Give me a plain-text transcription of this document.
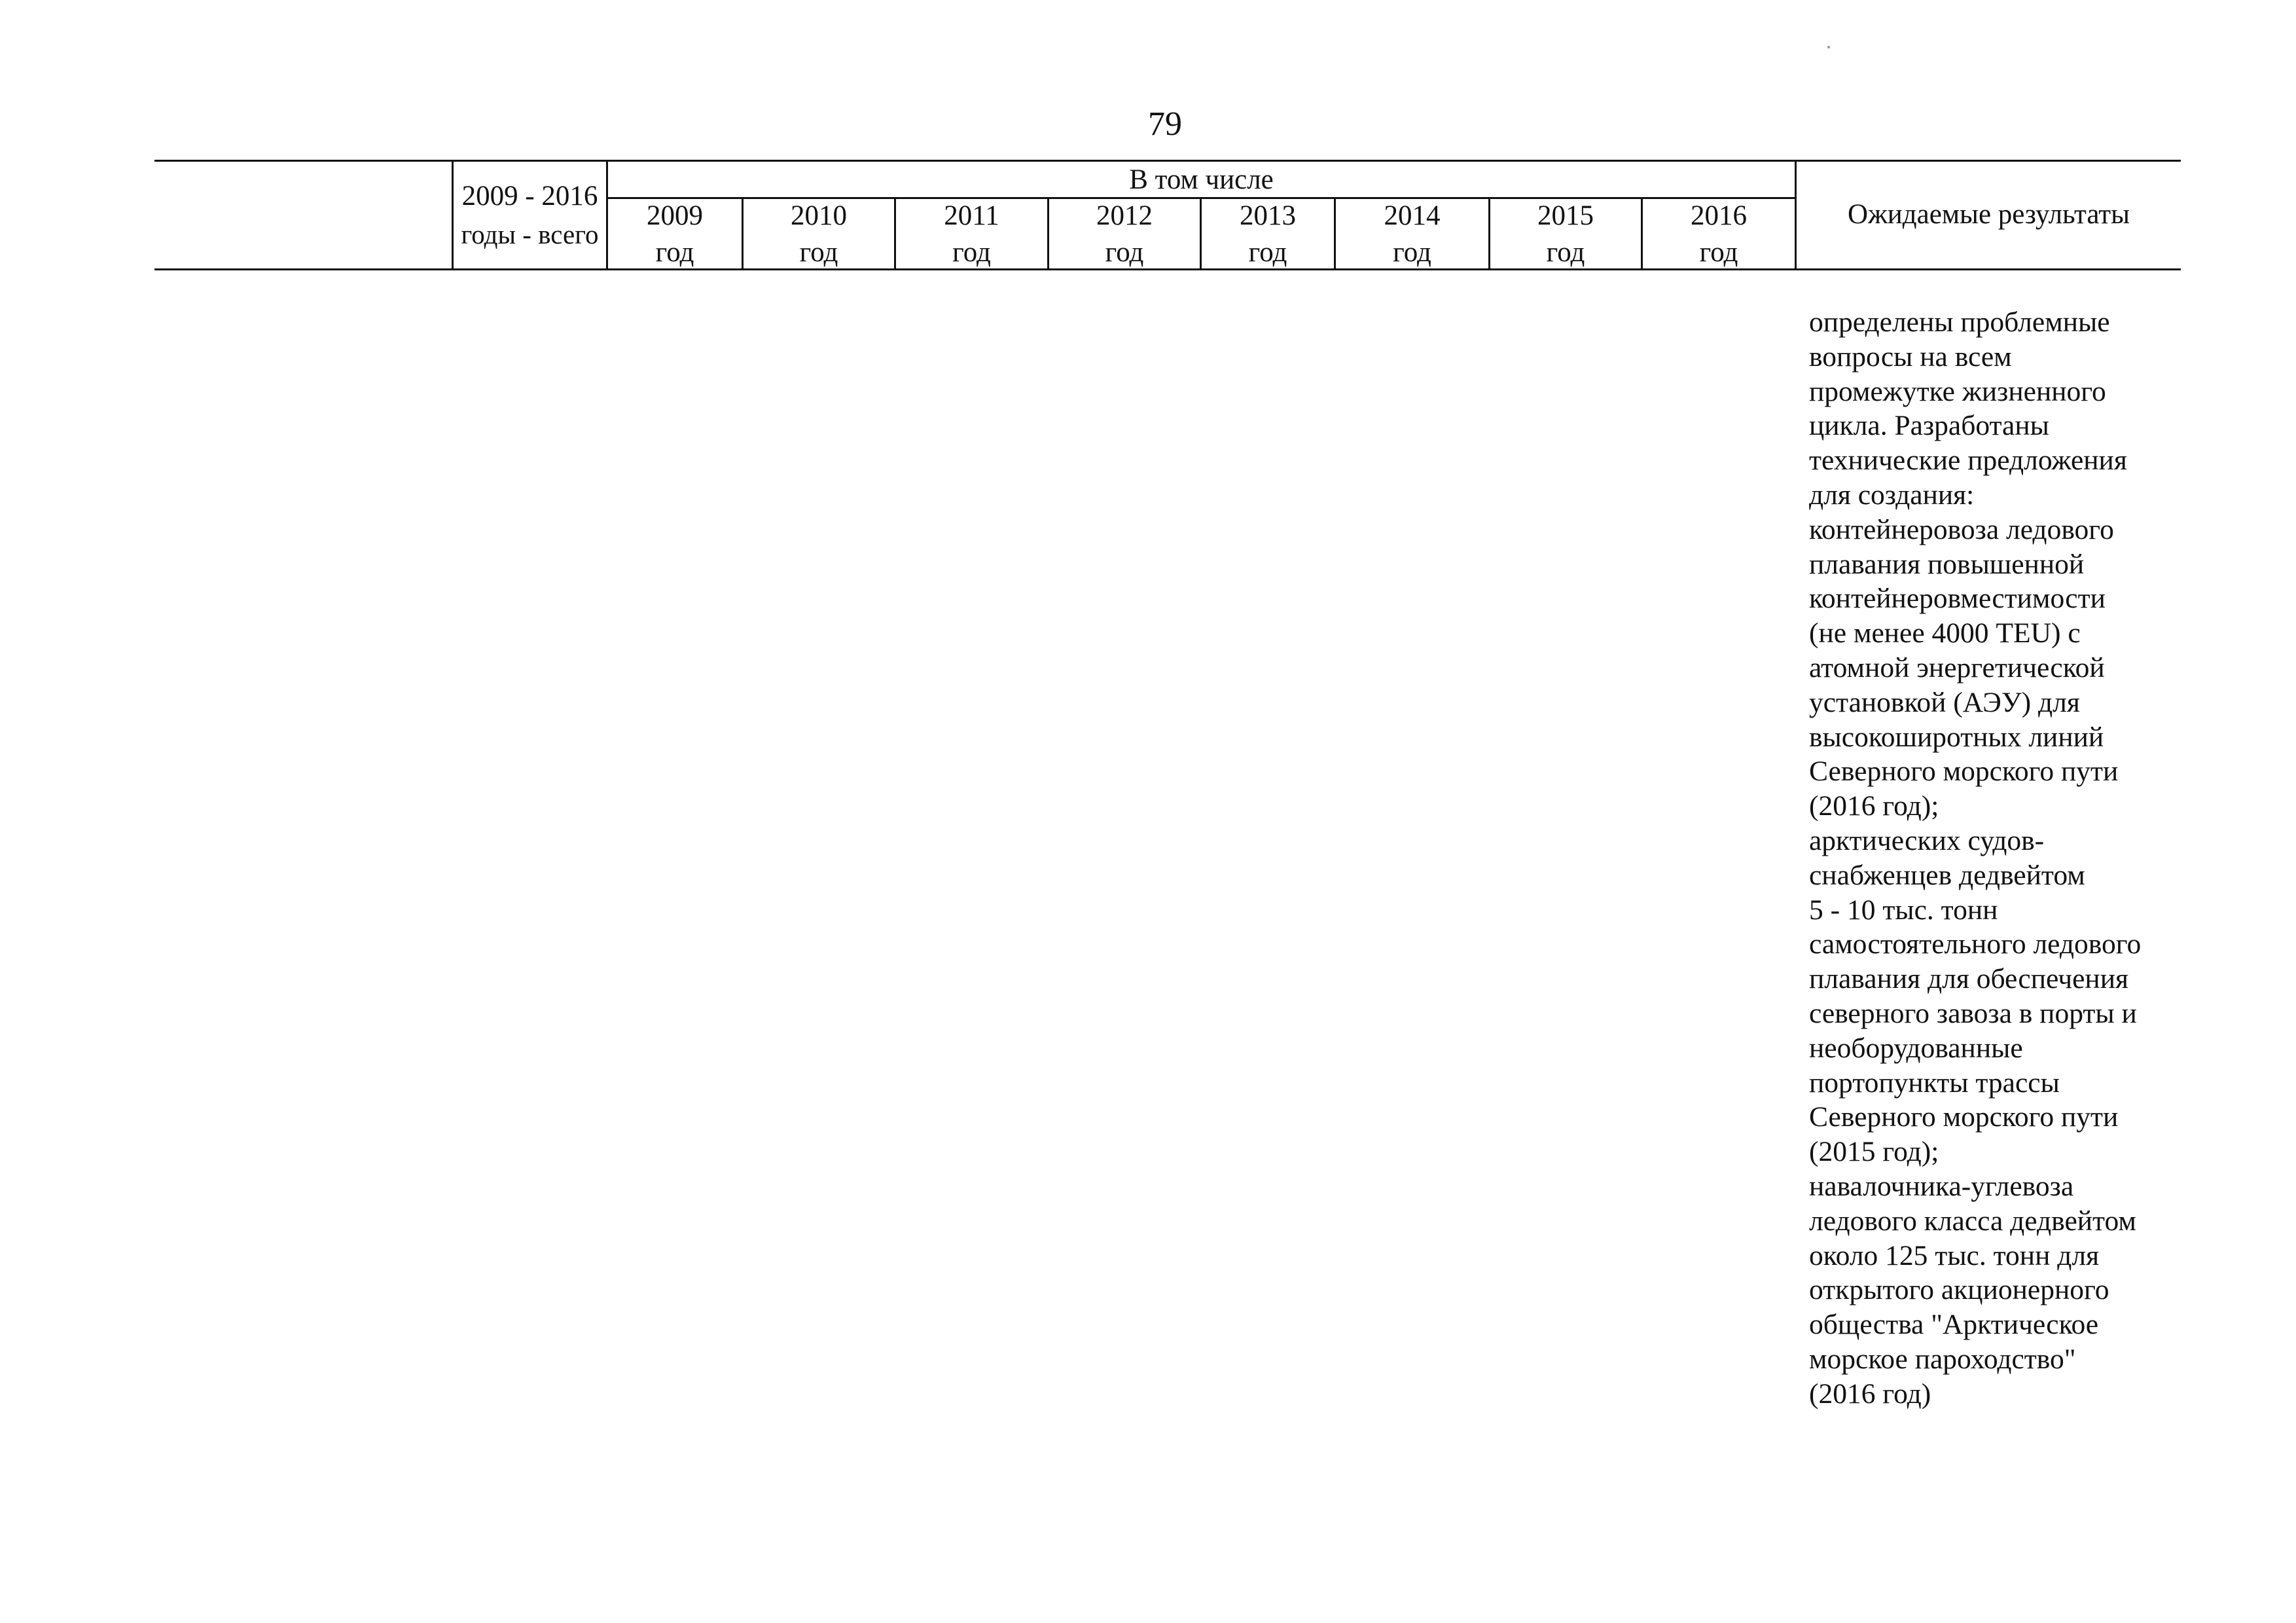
79
2009 - 2016
годы - всего
В том числе
2009
год
2010
год
2011
год
2012
год
2013
год
2014
год
2015
год
2016
год
Ожидаемые результаты
определены проблемные
вопросы на всем
промежутке жизненного
цикла. Разработаны
технические предложения
для создания:
контейнеровоза ледового
плавания повышенной
контейнеровместимости
(не менее 4000 TEU) с
атомной энергетической
установкой (АЭУ) для
высокоширотных линий
Северного морского пути
(2016 год);
арктических судов-
снабженцев дедвейтом
5 - 10 тыс. тонн
самостоятельного ледового
плавания для обеспечения
северного завоза в порты и
необорудованные
портопункты трассы
Северного морского пути
(2015 год);
навалочника-углевоза
ледового класса дедвейтом
около 125 тыс. тонн для
открытого акционерного
общества "Арктическое
морское пароходство"
(2016 год)
